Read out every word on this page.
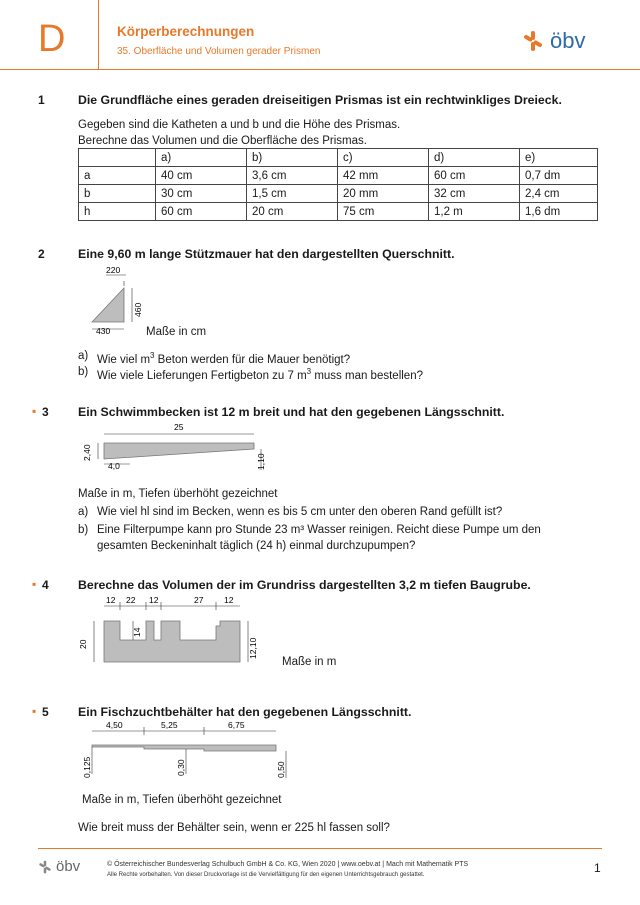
D	Körperberechnungen
35. Oberfläche und Volumen gerader Prismen	öbv
1	Die Grundfläche eines geraden dreiseitigen Prismas ist ein rechtwinkliges Dreieck.
Gegeben sind die Katheten a und b und die Höhe des Prismas.
Berechne das Volumen und die Oberfläche des Prismas.
	a)	b)	c)	d)	e)
a	40 cm	3,6 cm	42 mm	60 cm	0,7 dm
b	30 cm	1,5 cm	20 mm	32 cm	2,4 cm
h	60 cm	20 cm	75 cm	1,2 m	1,6 dm
2	Eine 9,60 m lange Stützmauer hat den dargestellten Querschnitt.
220
460
430	Maße in cm
a) Wie viel $m^3$ Beton werden für die Mauer benötigt?
b) Wie viele Lieferungen Fertigbeton zu 7 $m^3$ muss man bestellen?
▪ 3 Ein Schwimmbecken ist 12 m breit und hat den gegebenen Längsschnitt.
25
2,40
4,0	1,10
Maße in m, Tiefen überhöht gezeichnet
a) Wie viel hl sind im Becken, wenn es bis 5 cm unter den oberen Rand gefüllt ist?
b) Eine Filterpumpe kann pro Stunde 23 m³ Wasser reinigen. Reicht diese Pumpe um den
gesamten Beckeninhalt täglich (24 h) einmal durchzupumpen?
▪ 4 Berechne das Volumen der im Grundriss dargestellten 3,2 m tiefen Baugrube.
12 22 12	27 12
20
14
12,10
Maße in m
▪ 5 Ein Fischzuchtbehälter hat den gegebenen Längsschnitt.
4,50	5,25	6,75
0,125	0,30	0,50
Maße in m, Tiefen überhöht gezeichnet
Wie breit muss der Behälter sein, wenn er 225 hl fassen soll?
öbv	© Österreichischer Bundesverlag Schulbuch GmbH & Co. KG, Wien 2020 | www.oebv.at | Mach mit Mathematik PTS
Alle Rechte vorbehalten. Von dieser Druckvorlage ist die Vervielfältigung für den eigenen Unterrichtsgebrauch gestattet.	1
